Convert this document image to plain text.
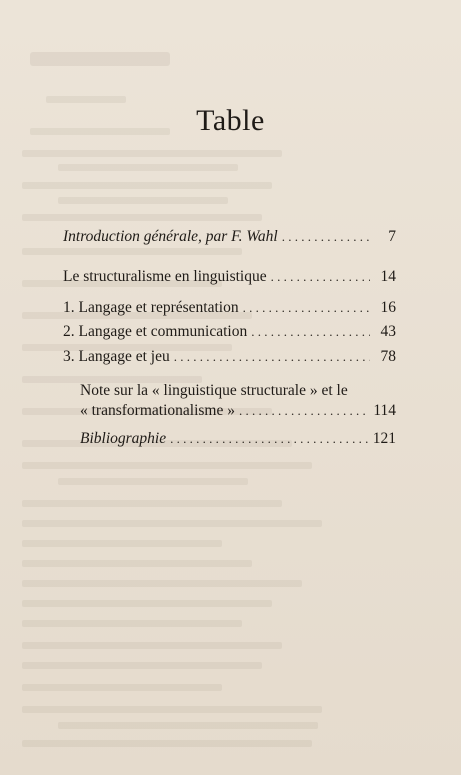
Table
Introduction générale, par F. Wahl . . .	7
Le structuralisme en linguistique . . .	14
1. Langage et représentation . . .	16
2. Langage et communication . . .	43
3. Langage et jeu . . .	78
Note sur la « linguistique structurale » et le
« transformationalisme » . . .	114
Bibliographie . . .	121
